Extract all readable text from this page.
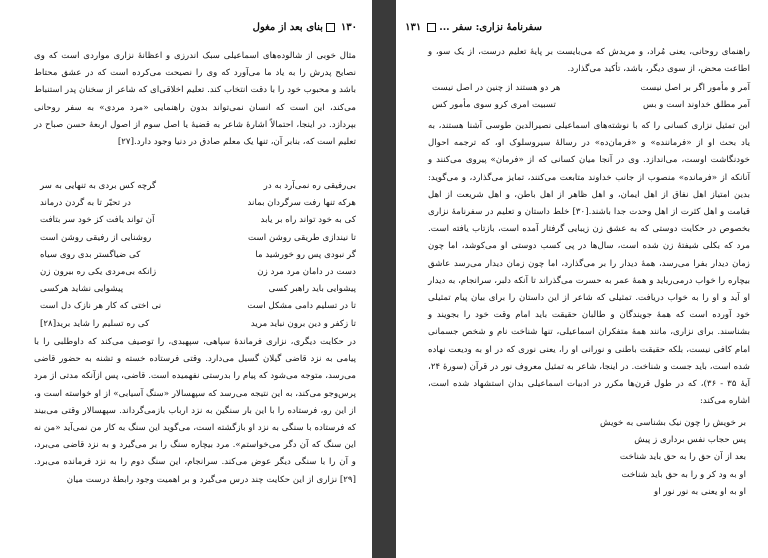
۱۳۰بنای بعد از مغول

مثال خوبی از شالوده‌های اسماعیلی سبک اندرزی و اعظانهٔ نزاری مواردی است که وی نصایح پدرش را به یاد ما می‌آورد که وی را نصیحت می‌کرده است که در عشق محتاط باشد و محبوب خود را با دقت انتخاب کند. تعلیم اخلاقی‌ای که شاعر از سخنان پدر استنباط می‌کند، این است که انسان نمی‌تواند بدون راهنمایی «مرد مردی» به سفر روحانی بپردازد. در اینجا، احتمالاً اشارهٔ شاعر به قضیهٔ یا اصل سوم از اصول اربعهٔ حسن صباح در تعلیم است که، بنابر آن، تنها یک معلم صادق در دنیا وجود دارد.[۲۷]

بی‌رفیقی ره نمی‌آرد به در
گرچه کس بردی به تنهایی به سر
هرکه تنها رفت سرگردان بماند
در تحیّر تا به گردن درماند
کی به خود تواند راه بر یابد
آن تواند یافت کز خود سر بتافت
تا نیندازی طریقی روشن است
روشنایی از رفیقی روشن است
گر نبودی پس رو خورشید ما
کی ضیاگستر بدی روی سیاه
دست در دامان مرد مرد زن
زانکه بی‌مردی یکی ره بیرون زن
پیشوایی باید راهبر کسی
پیشوایی نشاید هرکسی
تا در تسلیم دامی مشکل است
نی اختی که کار هر نازک دل است
تا زکفر و دین برون نباید مرید
کی ره تسلیم را شاید برید[۲۸]

در حکایت دیگری، نزاری فرماندهٔ سپاهی، سپهبدی، را توصیف می‌کند که داوطلبی را با پیامی به نزد قاضی گیلان گسیل می‌دارد. وقتی فرستاده خسته و تشنه به حضور قاضی می‌رسد، متوجه می‌شود که پیام را بدرستی نفهمیده است. قاضی، پس ازآنکه مدتی از مرد پرس‌وجو می‌کند، به این نتیجه می‌رسد که سپهسالار «سنگ آسیابی» از او خواسته است و، از این رو، فرستاده را با این بار سنگین به نزد ارباب بازمی‌گرداند. سپهسالار وقتی می‌بیند که فرستاده با سنگی به نزد او بازگشته است، می‌گوید این سنگ به کار من نمی‌آید «من نه این سنگ که آن دگر می‌خواستم». مرد بیچاره سنگ را بر می‌گیرد و به نزد قاضی می‌برد، و آن را با سنگی دیگر عوض می‌کند. سرانجام، این سنگ دوم را به نزد فرمانده می‌برد.[۲۹] نزاری از این حکایت چند درس می‌گیرد و بر اهمیت وجود رابطهٔ درست میان

سفرنامهٔ نزاری: سفر ...۱۳۱

راهنمای روحانی، یعنی مُراد، و مریدش که می‌بایست بر پایهٔ تعلیم درست، از یک سو، و اطاعت محض، از سوی دیگر، باشد، تأکید می‌گذارد.

آمر و مأمور اگر بر اصل نیست
هر دو هستند از چنین در اصل نیست
آمر مطلق خداوند است و بس
تسبیت امری کرو سوی مأمور کس

این تمثیل نزاری کسانی را که با نوشته‌های اسماعیلی نصیرالدین طوسی آشنا هستند، به یاد بحث او از «فرماننده» و «فرمان‌ده» در رسالهٔ سیروسلوک او، که ترجمه احوال خودنگاشت اوست، می‌اندازد. وی در آنجا میان کسانی که از «فرمان» پیروی می‌کنند و آنانکه از «فرمانده» منصوب از جانب خداوند متابعت می‌کنند، تمایز می‌گذارد، و می‌گوید: بدین امتیاز اهل نفاق از اهل ایمان، و اهل ظاهر از اهل باطن، و اهل شریعت از اهل قیامت و اهل کثرت از اهل وحدت جدا باشند.[۳۰] خلط داستان و تعلیم در سفرنامهٔ نزاری بخصوص در حکایت دوستی که به عشق زن زیبایی گرفتار آمده است، بازتاب یافته است. مرد که بکلی شیفتهٔ زن شده است، سال‌ها در پی کسب دوستی او می‌کوشد، اما چون زمان دیدار بفرا می‌رسد، همهٔ دیدار را بر می‌گذارد، اما چون زمان دیدار می‌رسد عاشق بیچاره را خواب درمی‌رباید و همهٔ عمر به حسرت می‌گذراند تا آنکه دلبر، سرانجام، به دیدار او آید و او را به خواب دریافت. تمثیلی که شاعر از این داستان را برای بیان پیام تمثیلی خود آورده است که همهٔ جویندگان و طالبان حقیقت باید امام وقت خود را بجویند و بشناسند. برای نزاری، مانند همهٔ متفکران اسماعیلی، تنها شناخت نام و شخص جسمانی امام کافی نیست، بلکه حقیقت باطنی و نورانی او را، یعنی نوری که در او به ودیعت نهاده شده است، باید جست و شناخت. در اینجا، شاعر به تمثیل معروف نور در قرآن (سورهٔ ۲۴، آیهٔ ۳۵ - ۳۶)، که در طول قرن‌ها مکرر در ادبیات اسماعیلی بدان استشهاد شده است، اشاره می‌کند:

بر خویش را چون نیک بشناسی به خویش
پس حجاب نفس برداری ز پیش
بعد از آن حق را به حق باید شناخت
او به ود کر و را به حق باید شناخت
او به او یعنی به نور نور او
